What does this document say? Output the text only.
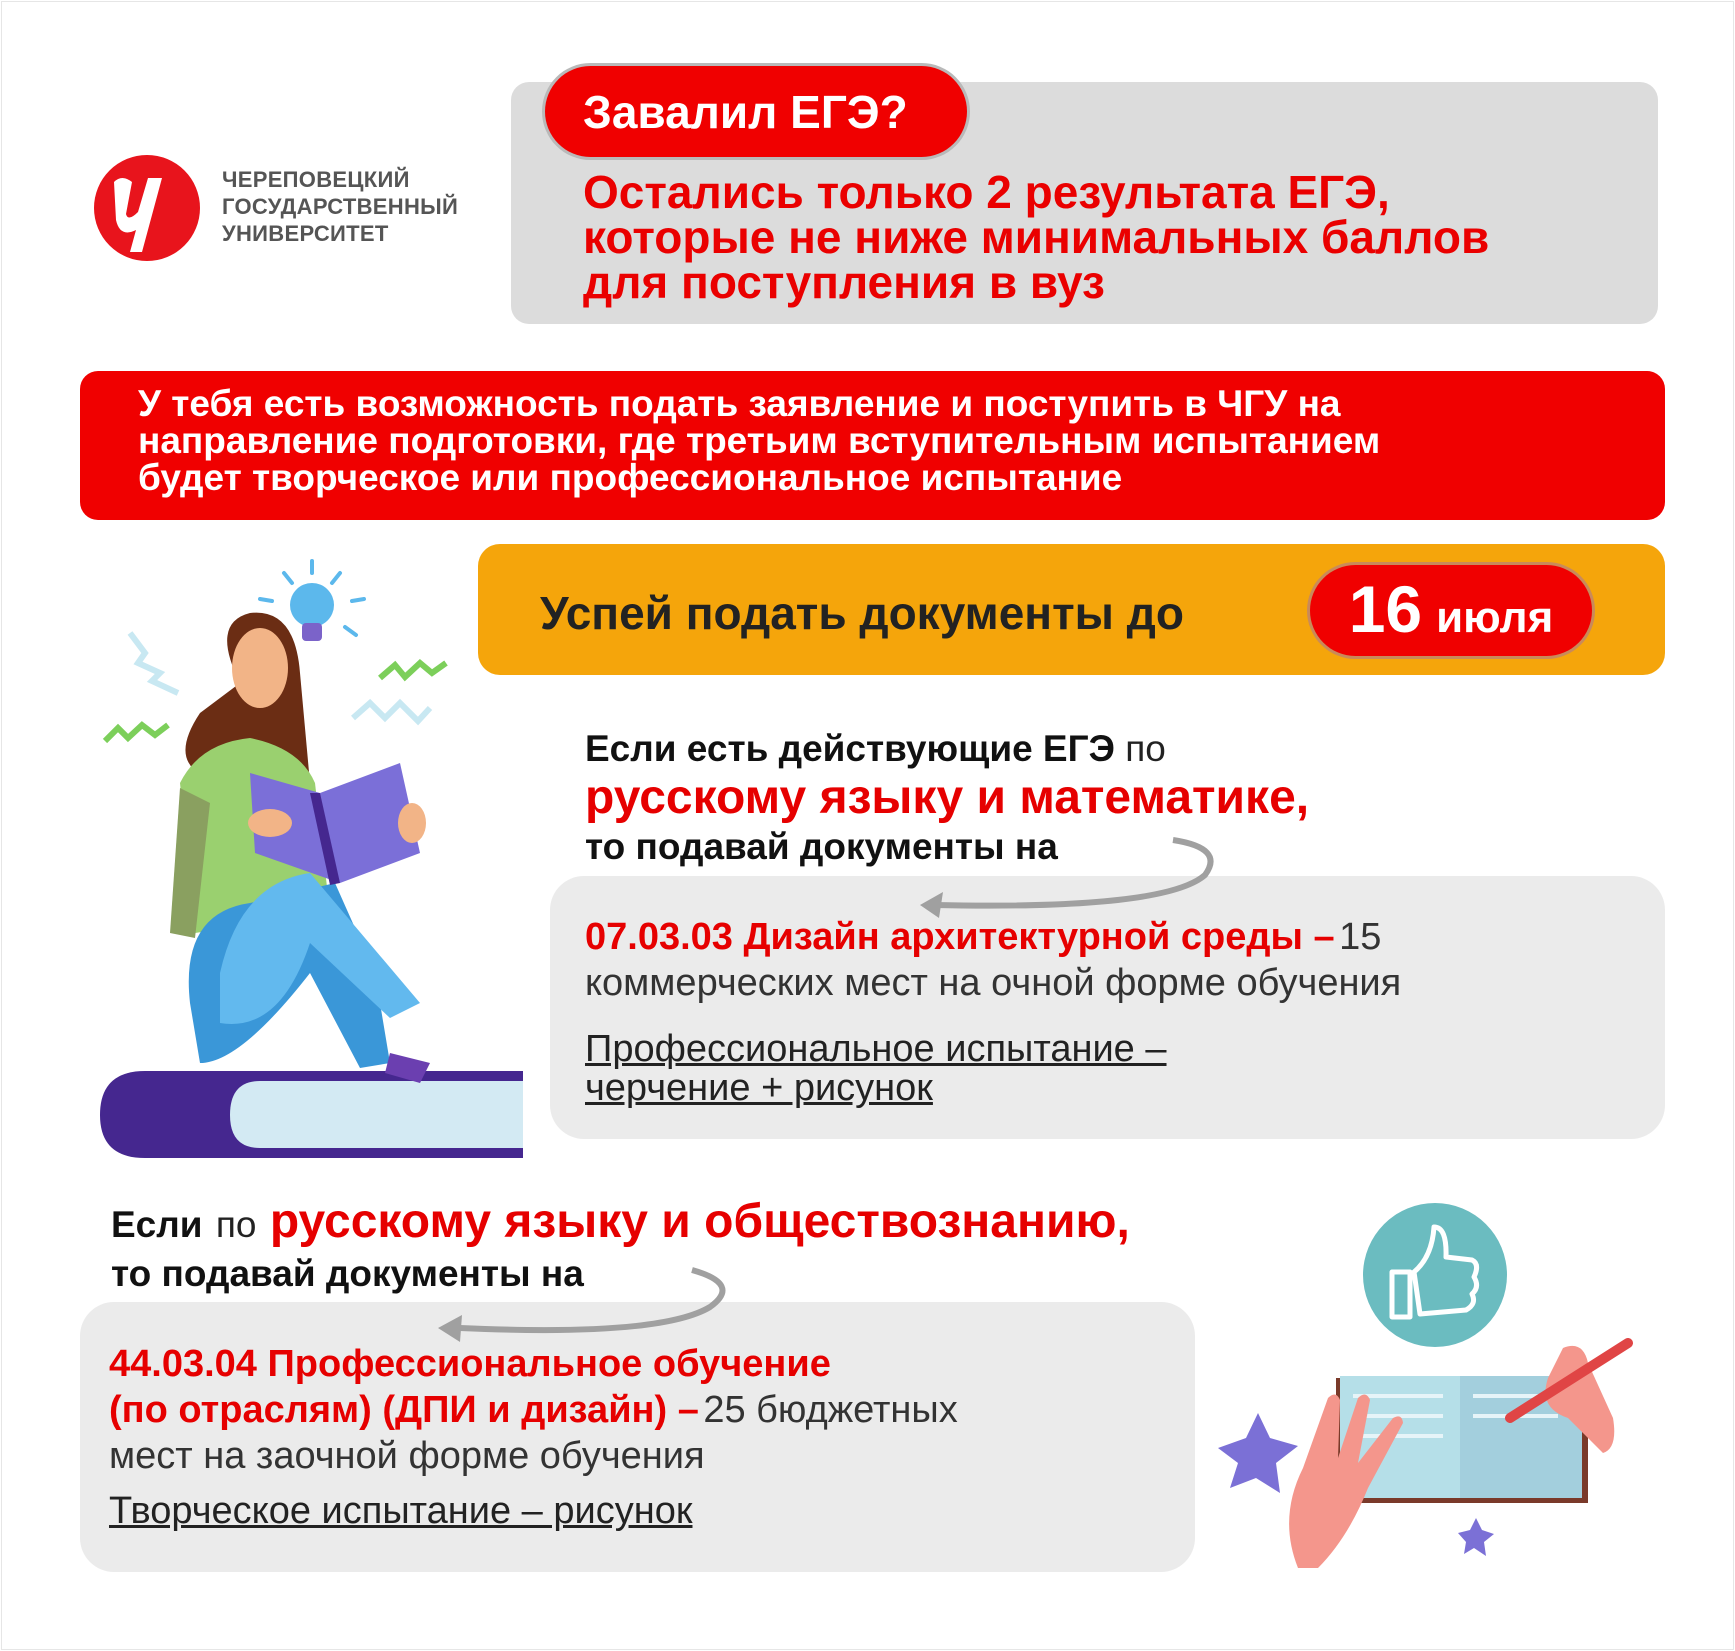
ЧЕРЕПОВЕЦКИЙ
ГОСУДАРСТВЕННЫЙ
УНИВЕРСИТЕТ
Завалил ЕГЭ?
Остались только 2 результата ЕГЭ,
которые не ниже минимальных баллов
для поступления в вуз
У тебя есть возможность подать заявление и поступить в ЧГУ на
направление подготовки, где третьим вступительным испытанием
будет творческое или профессиональное испытание
Успей подать документы до 16 июля
Если есть действующие ЕГЭ по
русскому языку и математике,
то подавай документы на
07.03.03 Дизайн архитектурной среды – 15
коммерческих мест на очной форме обучения
Профессиональное испытание –
черчение + рисунок
Если по русскому языку и обществознанию,
то подавай документы на
44.03.04 Профессиональное обучение
(по отраслям) (ДПИ и дизайн) – 25 бюджетных
мест на заочной форме обучения
Творческое испытание – рисунок
